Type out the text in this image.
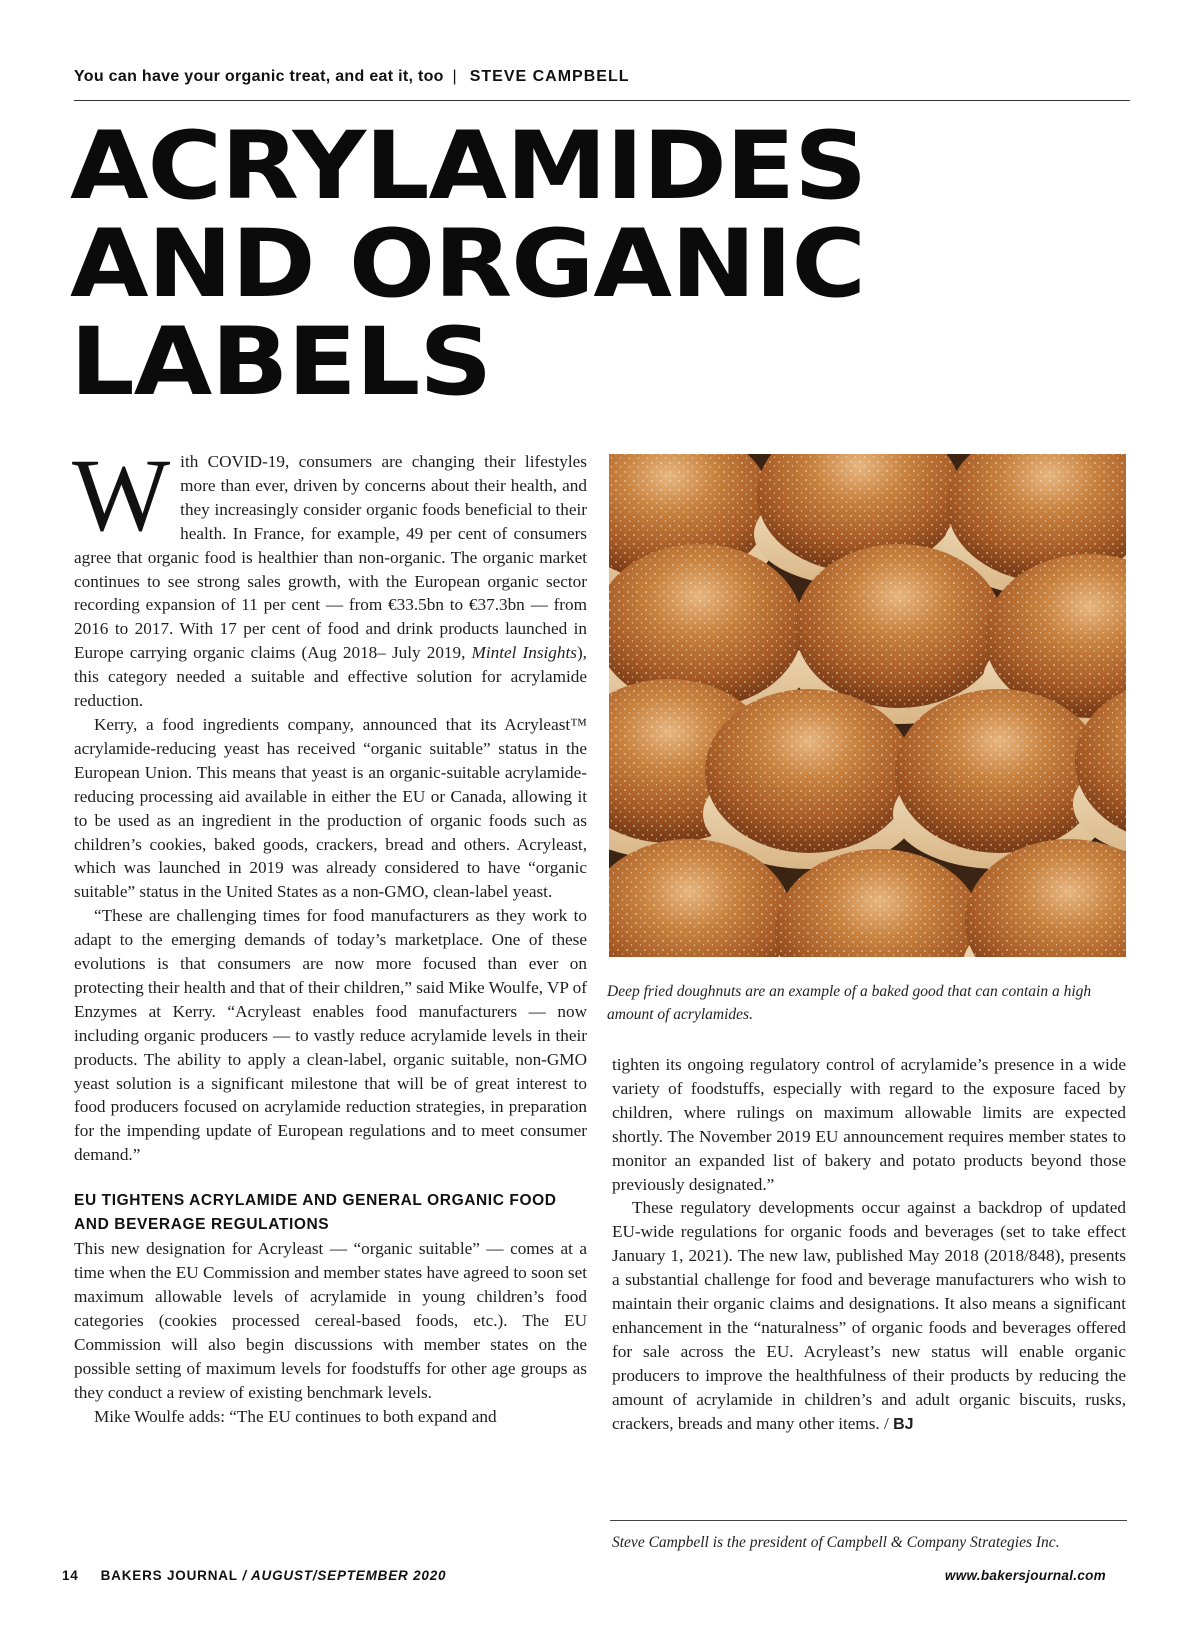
You can have your organic treat, and eat it, too | STEVE CAMPBELL
ACRYLAMIDES
AND ORGANIC
LABELS

With COVID-19, consumers are changing their lifestyles more than ever, driven by concerns about their health, and they increasingly consider organic foods beneficial to their health. In France, for example, 49 per cent of consumers agree that organic food is healthier than non-organic. The organic market continues to see strong sales growth, with the European organic sector recording expansion of 11 per cent — from €33.5bn to €37.3bn — from 2016 to 2017. With 17 per cent of food and drink products launched in Europe carrying organic claims (Aug 2018– July 2019, Mintel Insights), this category needed a suitable and effective solution for acrylamide reduction.

Kerry, a food ingredients company, announced that its Acryleast™ acrylamide-reducing yeast has received “organic suitable” status in the European Union. This means that yeast is an organic-suitable acrylamide-reducing processing aid available in either the EU or Canada, allowing it to be used as an ingredient in the production of organic foods such as children’s cookies, baked goods, crackers, bread and others. Acryleast, which was launched in 2019 was already considered to have “organic suitable” status in the United States as a non-GMO, clean-label yeast.

“These are challenging times for food manufacturers as they work to adapt to the emerging demands of today’s marketplace. One of these evolutions is that consumers are now more focused than ever on protecting their health and that of their children,” said Mike Woulfe, VP of Enzymes at Kerry. “Acryleast enables food manufacturers — now including organic producers — to vastly reduce acrylamide levels in their products. The ability to apply a clean-label, organic suitable, non-GMO yeast solution is a significant milestone that will be of great interest to food producers focused on acrylamide reduction strategies, in preparation for the impending update of European regulations and to meet consumer demand.”

EU TIGHTENS ACRYLAMIDE AND GENERAL ORGANIC FOOD AND BEVERAGE REGULATIONS

This new designation for Acryleast — “organic suitable” — comes at a time when the EU Commission and member states have agreed to soon set maximum allowable levels of acrylamide in young children’s food categories (cookies processed cereal-based foods, etc.). The EU Commission will also begin discussions with member states on the possible setting of maximum levels for foodstuffs for other age groups as they conduct a review of existing benchmark levels.

Mike Woulfe adds: “The EU continues to both expand and

Deep fried doughnuts are an example of a baked good that can contain a high amount of acrylamides.

tighten its ongoing regulatory control of acrylamide’s presence in a wide variety of foodstuffs, especially with regard to the exposure faced by children, where rulings on maximum allowable limits are expected shortly. The November 2019 EU announcement requires member states to monitor an expanded list of bakery and potato products beyond those previously designated.”

These regulatory developments occur against a backdrop of updated EU-wide regulations for organic foods and beverages (set to take effect January 1, 2021). The new law, published May 2018 (2018/848), presents a substantial challenge for food and beverage manufacturers who wish to maintain their organic claims and designations. It also means a significant enhancement in the “naturalness” of organic foods and beverages offered for sale across the EU. Acryleast’s new status will enable organic producers to improve the healthfulness of their products by reducing the amount of acrylamide in children’s and adult organic biscuits, rusks, crackers, breads and many other items. / BJ

Steve Campbell is the president of Campbell & Company Strategies Inc.
14 BAKERS JOURNAL / AUGUST/SEPTEMBER 2020	www.bakersjournal.com
